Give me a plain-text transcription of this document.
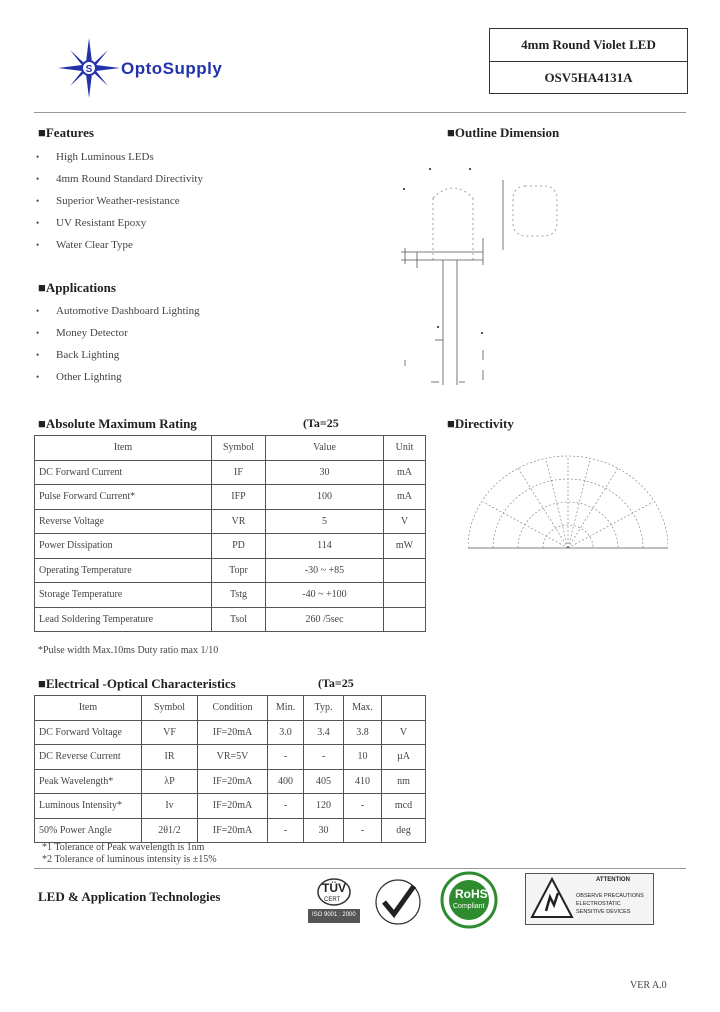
S OptoSupply
4mm Round Violet LED
OSV5HA4131A
■Features
• High Luminous LEDs
• 4mm Round Standard Directivity
• Superior Weather-resistance
• UV Resistant Epoxy
• Water Clear Type
■Applications
• Automotive Dashboard Lighting
• Money Detector
• Back Lighting
• Other Lighting
■Outline Dimension
■Directivity
■Absolute Maximum Rating	(Ta=25
Item	Symbol	Value	Unit
DC Forward Current	IF	30	mA
Pulse Forward Current*	IFP	100	mA
Reverse Voltage	VR	5	V
Power Dissipation	PD	114	mW
Operating Temperature	Topr	-30 ~ +85	
Storage Temperature	Tstg	-40 ~ +100	
Lead Soldering Temperature	Tsol	260 /5sec	
*Pulse width Max.10ms Duty ratio max 1/10
■Electrical -Optical Characteristics	(Ta=25
Item	Symbol	Condition	Min.	Typ.	Max.	
DC Forward Voltage	VF	IF=20mA	3.0	3.4	3.8	V
DC Reverse Current	IR	VR=5V	-	-	10	µA
Peak Wavelength*	λP	IF=20mA	400	405	410	nm
Luminous Intensity*	Iv	IF=20mA	-	120	-	mcd
50% Power Angle	2θ1/2	IF=20mA	-	30	-	deg
*1 Tolerance of Peak wavelength is 1nm
*2 Tolerance of luminous intensity is ±15%
LED & Application Technologies
TÜV
CERT
ISO 9001 : 2000
RoHS
Compliant
ATTENTION
OBSERVE PRECAUTIONS
ELECTROSTATIC
SENSITIVE DEVICES
VER A.0
